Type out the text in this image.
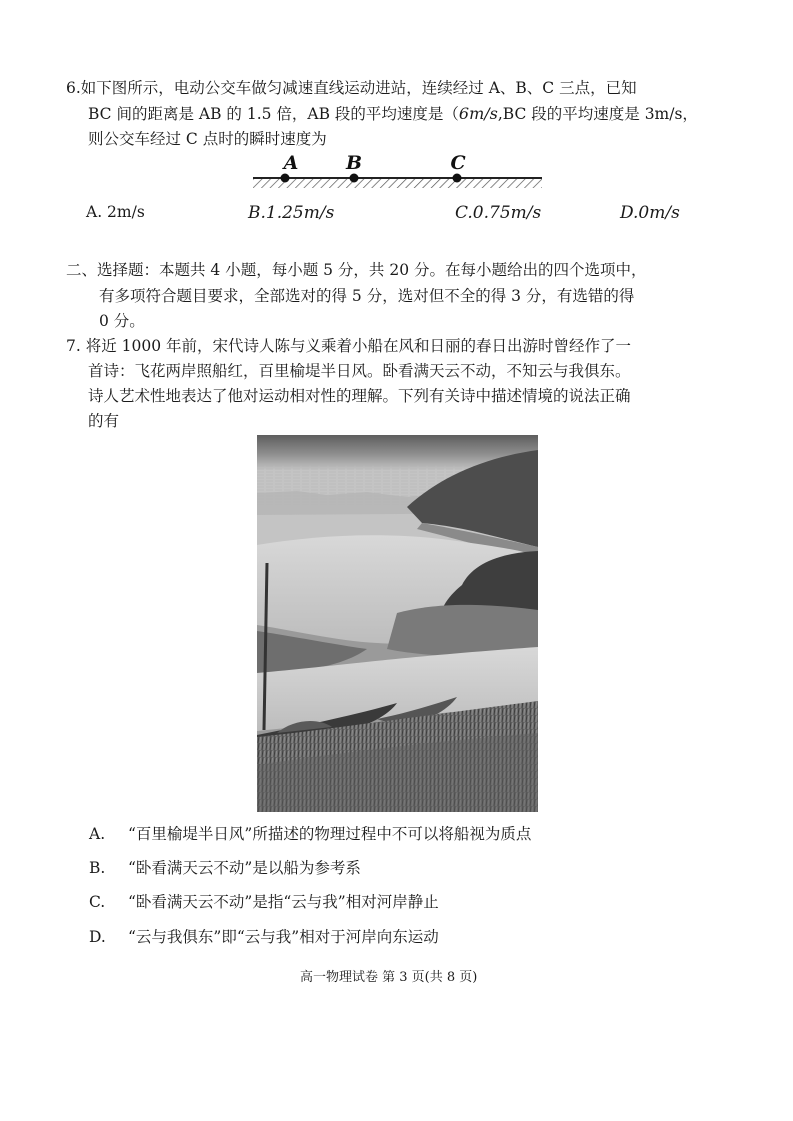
6.如下图所示，电动公交车做匀减速直线运动进站，连续经过 A、B、C 三点，已知
BC 间的距离是 AB 的 1.5 倍，AB 段的平均速度是（6m/s,BC 段的平均速度是 3m/s，
则公交车经过 C 点时的瞬时速度为
A	B	C
A. 2m/s	B.1.25m/s	C.0.75m/s	D.0m/s
二、选择题：本题共 4 小题，每小题 5 分，共 20 分。在每小题给出的四个选项中，
有多项符合题目要求，全部选对的得 5 分，选对但不全的得 3 分，有选错的得
0 分。
7. 将近 1000 年前，宋代诗人陈与义乘着小船在风和日丽的春日出游时曾经作了一
首诗：飞花两岸照船红，百里榆堤半日风。卧看满天云不动，不知云与我俱东。
诗人艺术性地表达了他对运动相对性的理解。下列有关诗中描述情境的说法正确
的有
A. “百里榆堤半日风”所描述的物理过程中不可以将船视为质点
B. “卧看满天云不动”是以船为参考系
C. “卧看满天云不动”是指“云与我”相对河岸静止
D. “云与我俱东”即“云与我”相对于河岸向东运动
高一物理试卷 第 3 页(共 8 页)
